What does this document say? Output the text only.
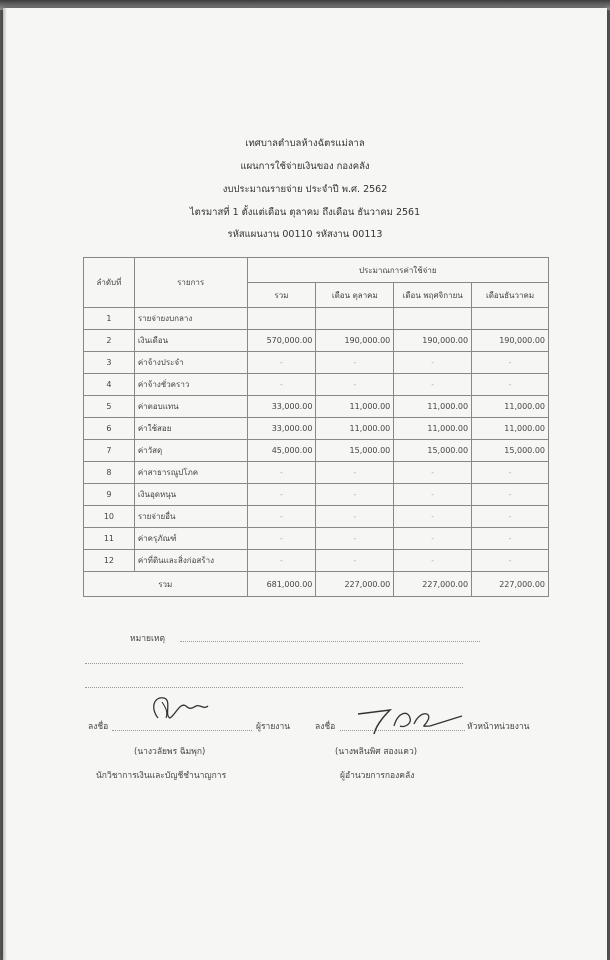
เทศบาลตำบลห้างฉัตรแม่ลาล
แผนการใช้จ่ายเงินของ กองคลัง
งบประมาณรายจ่าย ประจำปี พ.ศ. 2562
ไตรมาสที่ 1 ตั้งแต่เดือน ตุลาคม ถึงเดือน ธันวาคม 2561
รหัสแผนงาน 00110 รหัสงาน 00113
ลำดับที่	รายการ	ประมาณการค่าใช้จ่าย			
		รวม	เดือน ตุลาคม	เดือน พฤศจิกายน	เดือนธันวาคม
1	รายจ่ายงบกลาง				
2	เงินเดือน	570,000.00	190,000.00	190,000.00	190,000.00
3	ค่าจ้างประจำ	-	-	-	-
4	ค่าจ้างชั่วคราว	-	-	-	-
5	ค่าตอบแทน	33,000.00	11,000.00	11,000.00	11,000.00
6	ค่าใช้สอย	33,000.00	11,000.00	11,000.00	11,000.00
7	ค่าวัสดุ	45,000.00	15,000.00	15,000.00	15,000.00
8	ค่าสาธารณูปโภค	-	-	-	-
9	เงินอุดหนุน	-	-	-	-
10	รายจ่ายอื่น	-	-	-	-
11	ค่าครุภัณฑ์	-	-	-	-
12	ค่าที่ดินและสิ่งก่อสร้าง	-	-	-	-
รวม		681,000.00	227,000.00	227,000.00	227,000.00
หมายเหตุ
ลงชื่อ	ผู้รายงาน	ลงชื่อ	หัวหน้าหน่วยงาน
(นางวลัยพร ฉิมพุก)
นักวิชาการเงินและบัญชีชำนาญการ
(นางพลินพิศ สองแคว)
ผู้อำนวยการกองคลัง
